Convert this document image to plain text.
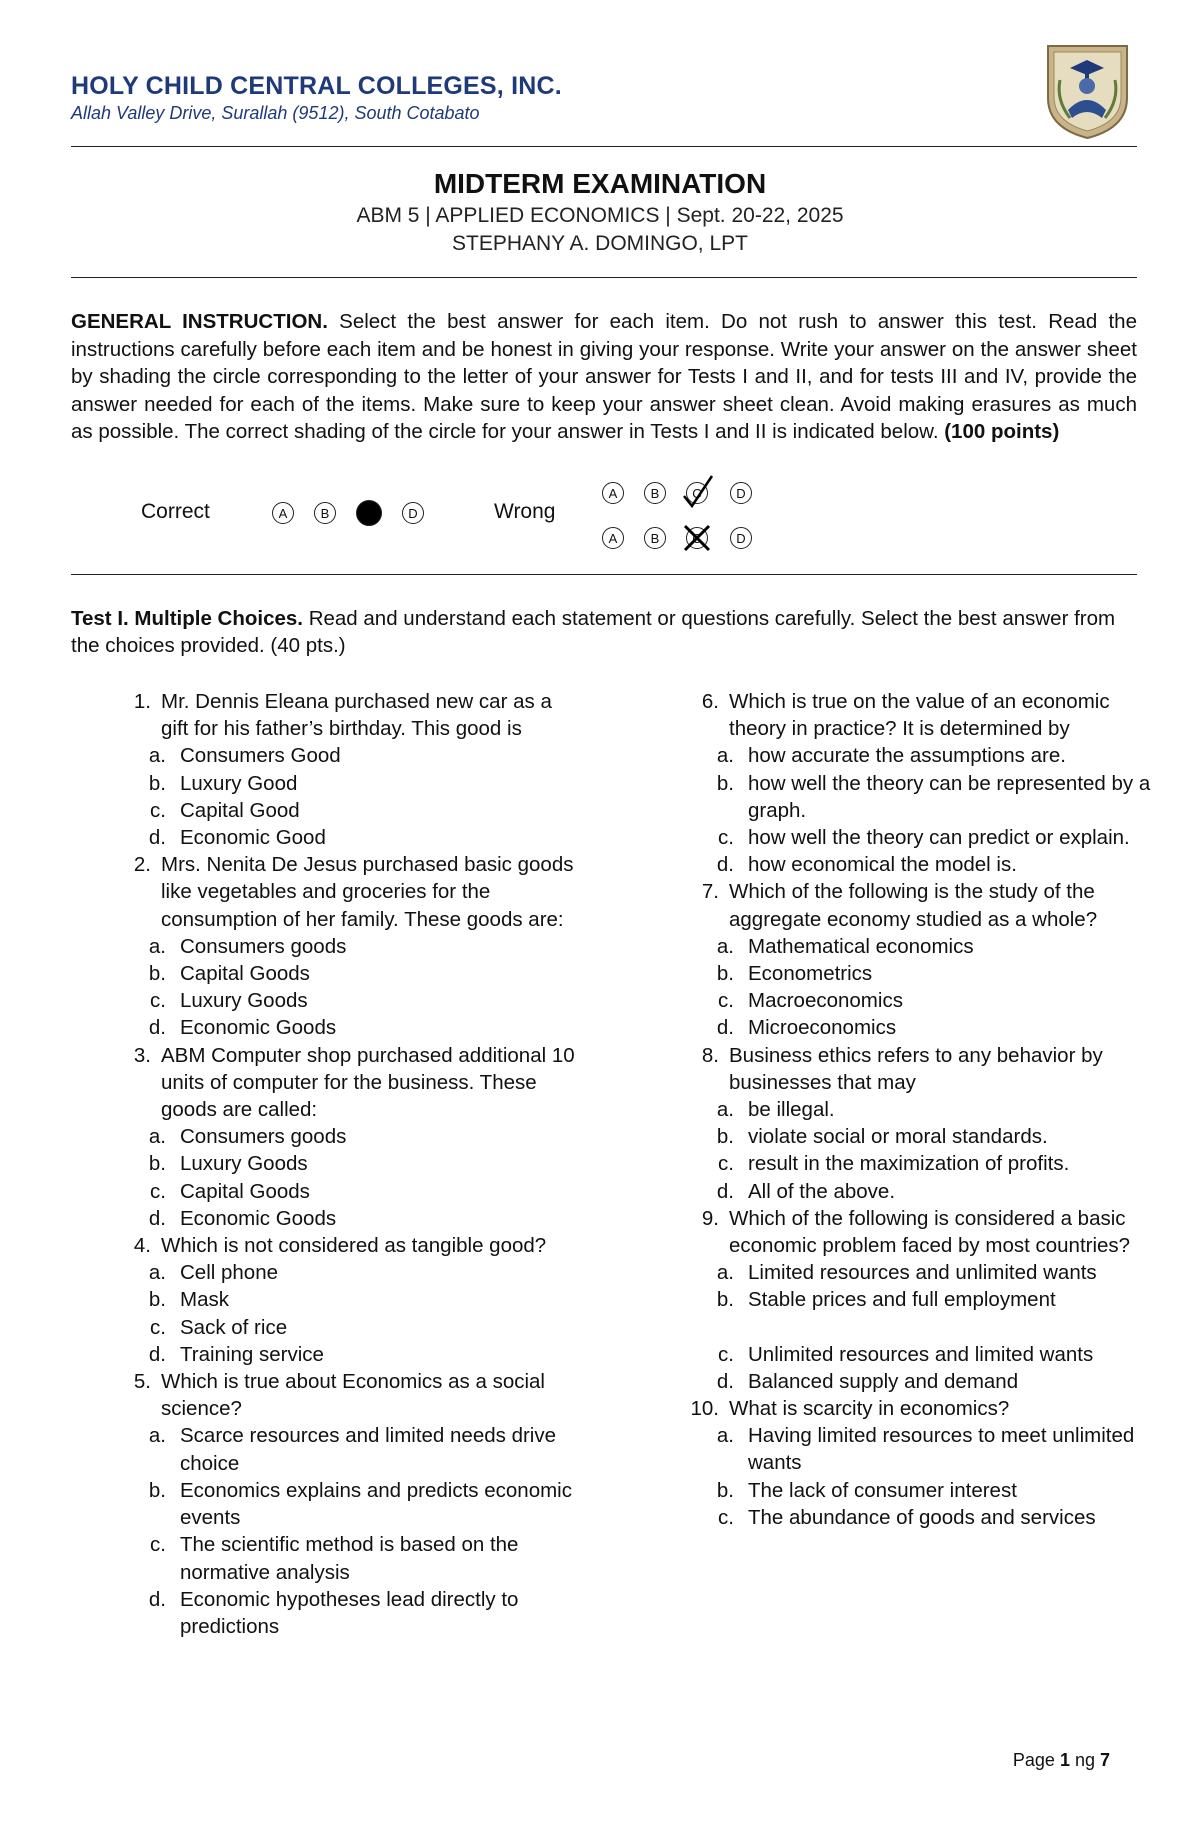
HOLY CHILD CENTRAL COLLEGES, INC.
Allah Valley Drive, Surallah (9512), South Cotabato
MIDTERM EXAMINATION
ABM 5 | APPLIED ECONOMICS | Sept. 20-22, 2025
STEPHANY A. DOMINGO, LPT
GENERAL INSTRUCTION. Select the best answer for each item. Do not rush to answer this test. Read the instructions carefully before each item and be honest in giving your response. Write your answer on the answer sheet by shading the circle corresponding to the letter of your answer for Tests I and II, and for tests III and IV, provide the answer needed for each of the items. Make sure to keep your answer sheet clean. Avoid making erasures as much as possible. The correct shading of the circle for your answer in Tests I and II is indicated below. (100 points)
Correct	A	B	D	Wrong
A	B	C	D
A	B	C	D
Test I. Multiple Choices. Read and understand each statement or questions carefully. Select the best answer from the choices provided. (40 pts.)
1. Mr. Dennis Eleana purchased new car as a gift for his father’s birthday. This good is
a. Consumers Good
b. Luxury Good
c. Capital Good
d. Economic Good
2. Mrs. Nenita De Jesus purchased basic goods like vegetables and groceries for the consumption of her family. These goods are:
a. Consumers goods
b. Capital Goods
c. Luxury Goods
d. Economic Goods
3. ABM Computer shop purchased additional 10 units of computer for the business. These goods are called:
a. Consumers goods
b. Luxury Goods
c. Capital Goods
d. Economic Goods
4. Which is not considered as tangible good?
a. Cell phone
b. Mask
c. Sack of rice
d. Training service
5. Which is true about Economics as a social science?
a. Scarce resources and limited needs drive choice
b. Economics explains and predicts economic events
c. The scientific method is based on the normative analysis
d. Economic hypotheses lead directly to predictions
6. Which is true on the value of an economic theory in practice? It is determined by
a. how accurate the assumptions are.
b. how well the theory can be represented by a graph.
c. how well the theory can predict or explain.
d. how economical the model is.
7. Which of the following is the study of the aggregate economy studied as a whole?
a. Mathematical economics
b. Econometrics
c. Macroeconomics
d. Microeconomics
8. Business ethics refers to any behavior by businesses that may
a. be illegal.
b. violate social or moral standards.
c. result in the maximization of profits.
d. All of the above.
9. Which of the following is considered a basic economic problem faced by most countries?
a. Limited resources and unlimited wants
b. Stable prices and full employment
c. Unlimited resources and limited wants
d. Balanced supply and demand
10. What is scarcity in economics?
a. Having limited resources to meet unlimited wants
b. The lack of consumer interest
c. The abundance of goods and services
Page 1 ng 7
